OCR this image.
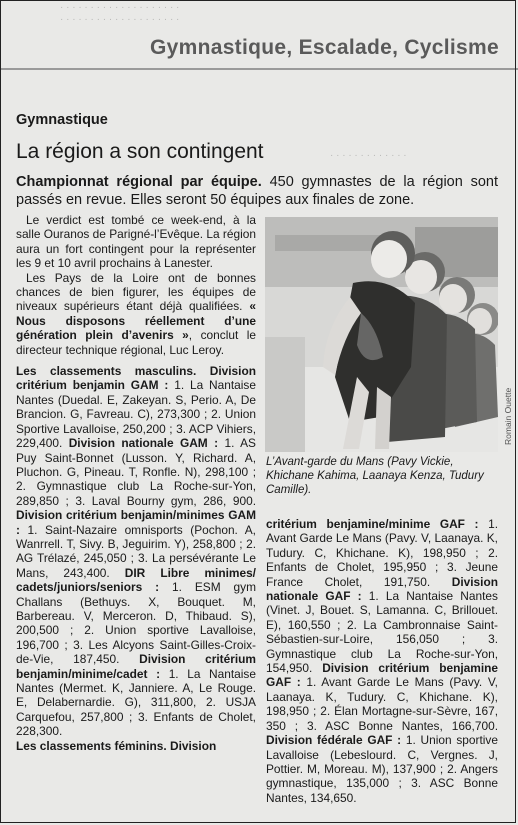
· · · · · · · · · · · · · · · · · · · ·
· · · · · · · · · · · · · · · · · · · ·
· · · · · · · · · · · · ·
Gymnastique, Escalade, Cyclisme
Gymnastique
La région a son contingent
Championnat régional par équipe. 450 gymnastes de la région sont passés en revue. Elles seront 50 équipes aux finales de zone.

Le verdict est tombé ce week-end, à la salle Ouranos de Parigné-l’Evêque. La région aura un fort contingent pour la représenter les 9 et 10 avril prochains à Lanester.

Les Pays de la Loire ont de bonnes chances de bien figurer, les équipes de niveaux supérieurs étant déjà qualifiées. « Nous disposons réellement d’une génération plein d’avenirs », conclut le directeur technique régional, Luc Leroy.

Les classements masculins. Division critérium benjamin GAM : 1. La Nantaise Nantes (Duedal. E, Zakeyan. S, Perio. A, De Brancion. G, Favreau. C), 273,300 ; 2. Union Sportive Lavalloise, 250,200 ; 3. ACP Vihiers, 229,400. Division nationale GAM : 1. AS Puy Saint-Bonnet (Lusson. Y, Richard. A, Pluchon. G, Pineau. T, Ronfle. N), 298,100 ; 2. Gymnastique club La Roche-sur-Yon, 289,850 ; 3. Laval Bourny gym, 286, 900. Division critérium benjamin/minimes GAM : 1. Saint-Nazaire omnisports (Pochon. A, Wanrrell. T, Sivy. B, Jeguirim. Y), 258,800 ; 2. AG Trélazé, 245,050 ; 3. La persévérante Le Mans, 243,400. DIR Libre minimes/ cadets/juniors/seniors : 1. ESM gym Challans (Bethuys. X, Bouquet. M, Barbereau. V, Merceron. D, Thibaud. S), 200,500 ; 2. Union sportive Lavalloise, 196,700 ; 3. Les Alcyons Saint-Gilles-Croix-de-Vie, 187,450. Division critérium benjamin/minime/cadet : 1. La Nantaise Nantes (Mermet. K, Janniere. A, Le Rouge. E, Delabernardie. G), 311,800, 2. USJA Carquefou, 257,800 ; 3. Enfants de Cholet, 228,300.

Les classements féminins. Division

Romain Ouette
L’Avant-garde du Mans (Pavy Vickie, Khichane Kahima, Laanaya Kenza, Tudury Camille).

critérium benjamine/minime GAF : 1. Avant Garde Le Mans (Pavy. V, Laanaya. K, Tudury. C, Khichane. K), 198,950 ; 2. Enfants de Cholet, 195,950 ; 3. Jeune France Cholet, 191,750. Division nationale GAF : 1. La Nantaise Nantes (Vinet. J, Bouet. S, Lamanna. C, Brillouet. E), 160,550 ; 2. La Cambronnaise Saint-Sébastien-sur-Loire, 156,050 ; 3. Gymnastique club La Roche-sur-Yon, 154,950. Division critérium benjamine GAF : 1. Avant Garde Le Mans (Pavy. V, Laanaya. K, Tudury. C, Khichane. K), 198,950 ; 2. Élan Mortagne-sur-Sèvre, 167, 350 ; 3. ASC Bonne Nantes, 166,700. Division fédérale GAF : 1. Union sportive Lavalloise (Lebeslourd. C, Vergnes. J, Pottier. M, Moreau. M), 137,900 ; 2. Angers gymnastique, 135,000 ; 3. ASC Bonne Nantes, 134,650.
